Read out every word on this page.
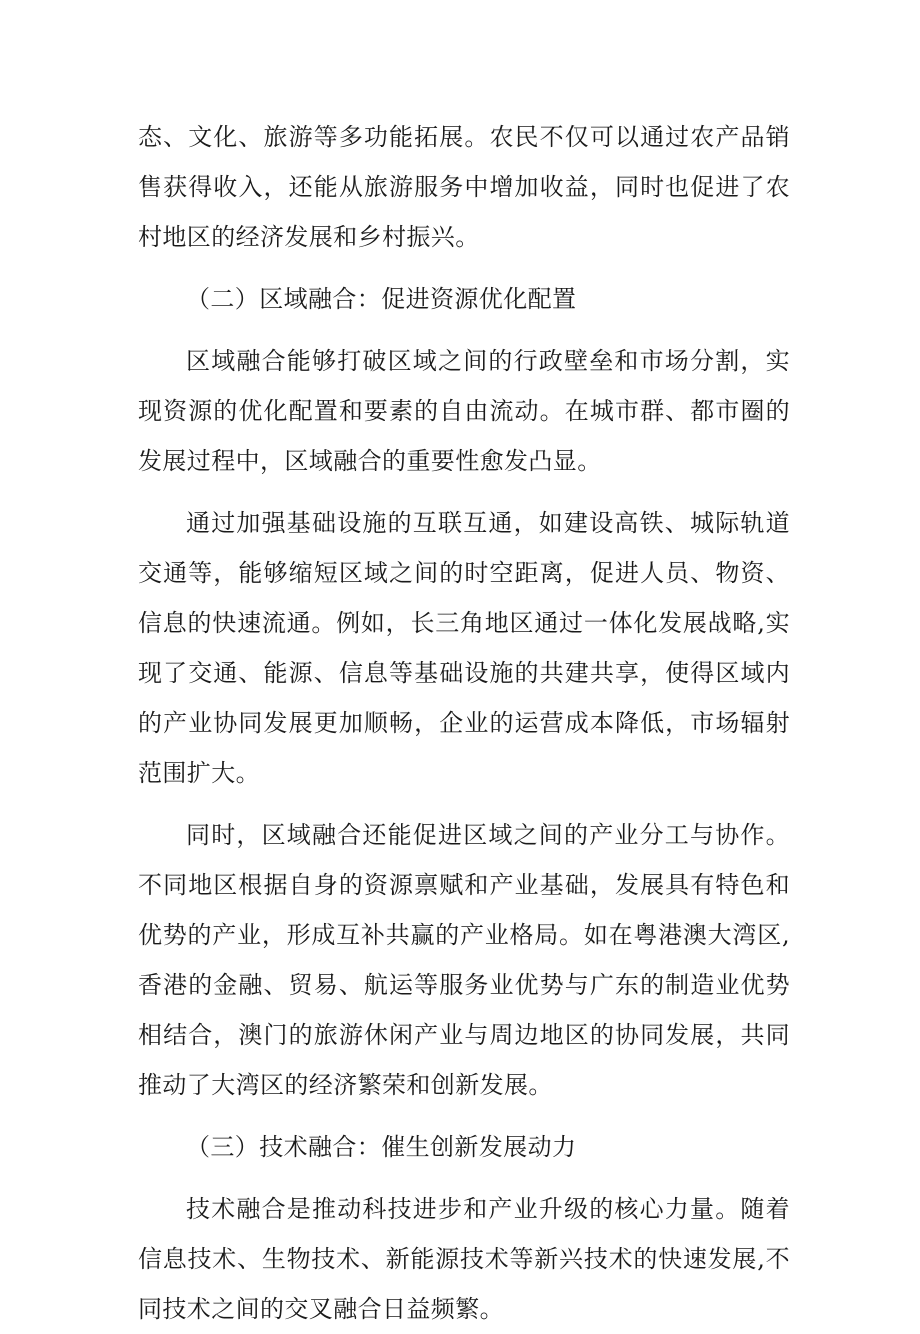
态、文化、旅游等多功能拓展。农民不仅可以通过农产品销售获得收入，还能从旅游服务中增加收益，同时也促进了农村地区的经济发展和乡村振兴。

（二）区域融合：促进资源优化配置

区域融合能够打破区域之间的行政壁垒和市场分割，实现资源的优化配置和要素的自由流动。在城市群、都市圈的发展过程中，区域融合的重要性愈发凸显。

通过加强基础设施的互联互通，如建设高铁、城际轨道交通等，能够缩短区域之间的时空距离，促进人员、物资、信息的快速流通。例如，长三角地区通过一体化发展战略,实现了交通、能源、信息等基础设施的共建共享，使得区域内的产业协同发展更加顺畅，企业的运营成本降低，市场辐射范围扩大。

同时，区域融合还能促进区域之间的产业分工与协作。不同地区根据自身的资源禀赋和产业基础，发展具有特色和优势的产业，形成互补共赢的产业格局。如在粤港澳大湾区,香港的金融、贸易、航运等服务业优势与广东的制造业优势相结合，澳门的旅游休闲产业与周边地区的协同发展，共同推动了大湾区的经济繁荣和创新发展。

（三）技术融合：催生创新发展动力

技术融合是推动科技进步和产业升级的核心力量。随着信息技术、生物技术、新能源技术等新兴技术的快速发展,不同技术之间的交叉融合日益频繁。
